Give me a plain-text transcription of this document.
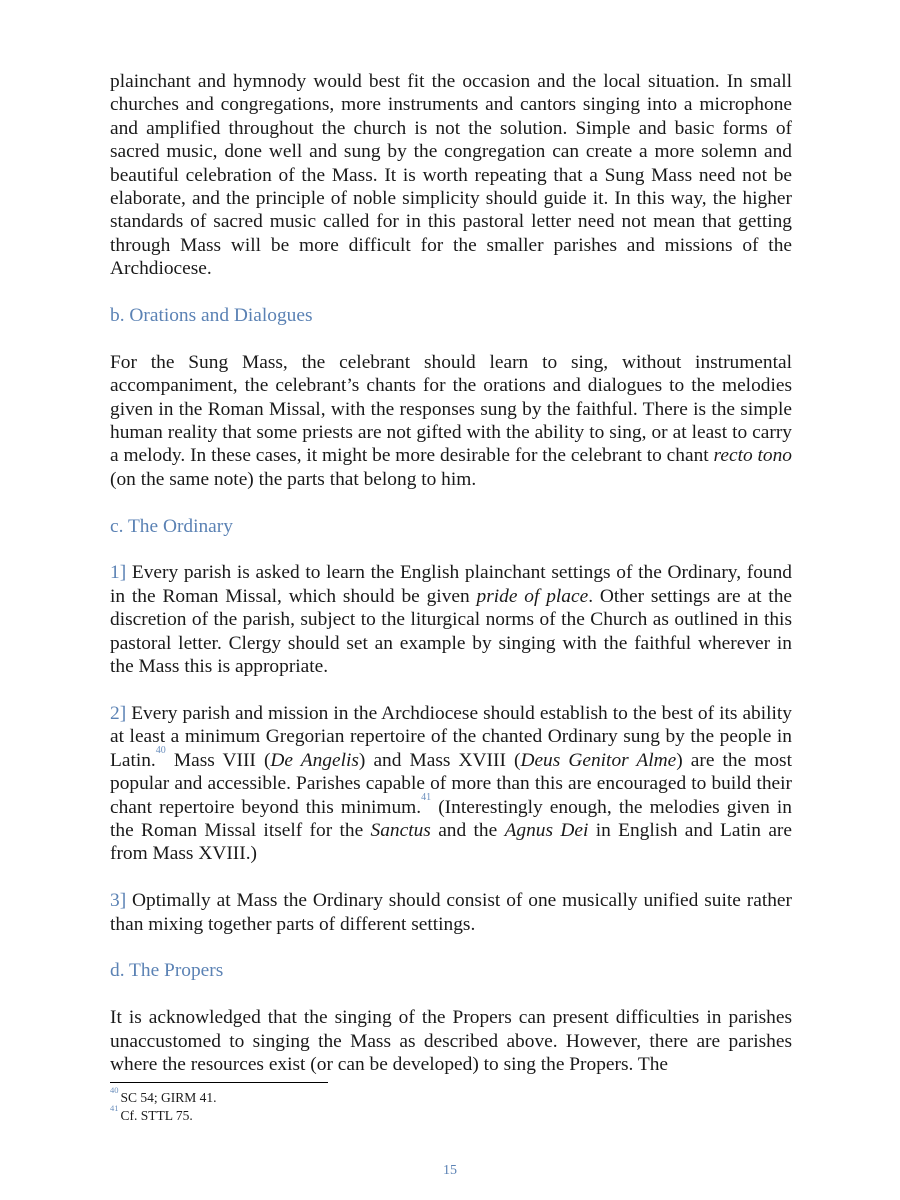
plainchant and hymnody would best fit the occasion and the local situation. In small churches and congregations, more instruments and cantors singing into a microphone and amplified throughout the church is not the solution. Simple and basic forms of sacred music, done well and sung by the congregation can create a more solemn and beautiful celebration of the Mass. It is worth repeating that a Sung Mass need not be elaborate, and the principle of noble simplicity should guide it. In this way, the higher standards of sacred music called for in this pastoral letter need not mean that getting through Mass will be more difficult for the smaller parishes and missions of the Archdiocese.

b. Orations and Dialogues

For the Sung Mass, the celebrant should learn to sing, without instrumental accompaniment, the celebrant’s chants for the orations and dialogues to the melodies given in the Roman Missal, with the responses sung by the faithful. There is the simple human reality that some priests are not gifted with the ability to sing, or at least to carry a melody. In these cases, it might be more desirable for the celebrant to chant recto tono (on the same note) the parts that belong to him.

c. The Ordinary

1] Every parish is asked to learn the English plainchant settings of the Ordinary, found in the Roman Missal, which should be given pride of place. Other settings are at the discretion of the parish, subject to the liturgical norms of the Church as outlined in this pastoral letter. Clergy should set an example by singing with the faithful wherever in the Mass this is appropriate.

2] Every parish and mission in the Archdiocese should establish to the best of its ability at least a minimum Gregorian repertoire of the chanted Ordinary sung by the people in Latin.$^{40}$ Mass VIII (De Angelis) and Mass XVIII (Deus Genitor Alme) are the most popular and accessible. Parishes capable of more than this are encouraged to build their chant repertoire beyond this minimum.$^{41}$ (Interestingly enough, the melodies given in the Roman Missal itself for the Sanctus and the Agnus Dei in English and Latin are from Mass XVIII.)

3] Optimally at Mass the Ordinary should consist of one musically unified suite rather than mixing together parts of different settings.

d. The Propers

It is acknowledged that the singing of the Propers can present difficulties in parishes unaccustomed to singing the Mass as described above. However, there are parishes where the resources exist (or can be developed) to sing the Propers. The

$^{40}$ SC 54; GIRM 41.
$^{41}$ Cf. STTL 75.
15
